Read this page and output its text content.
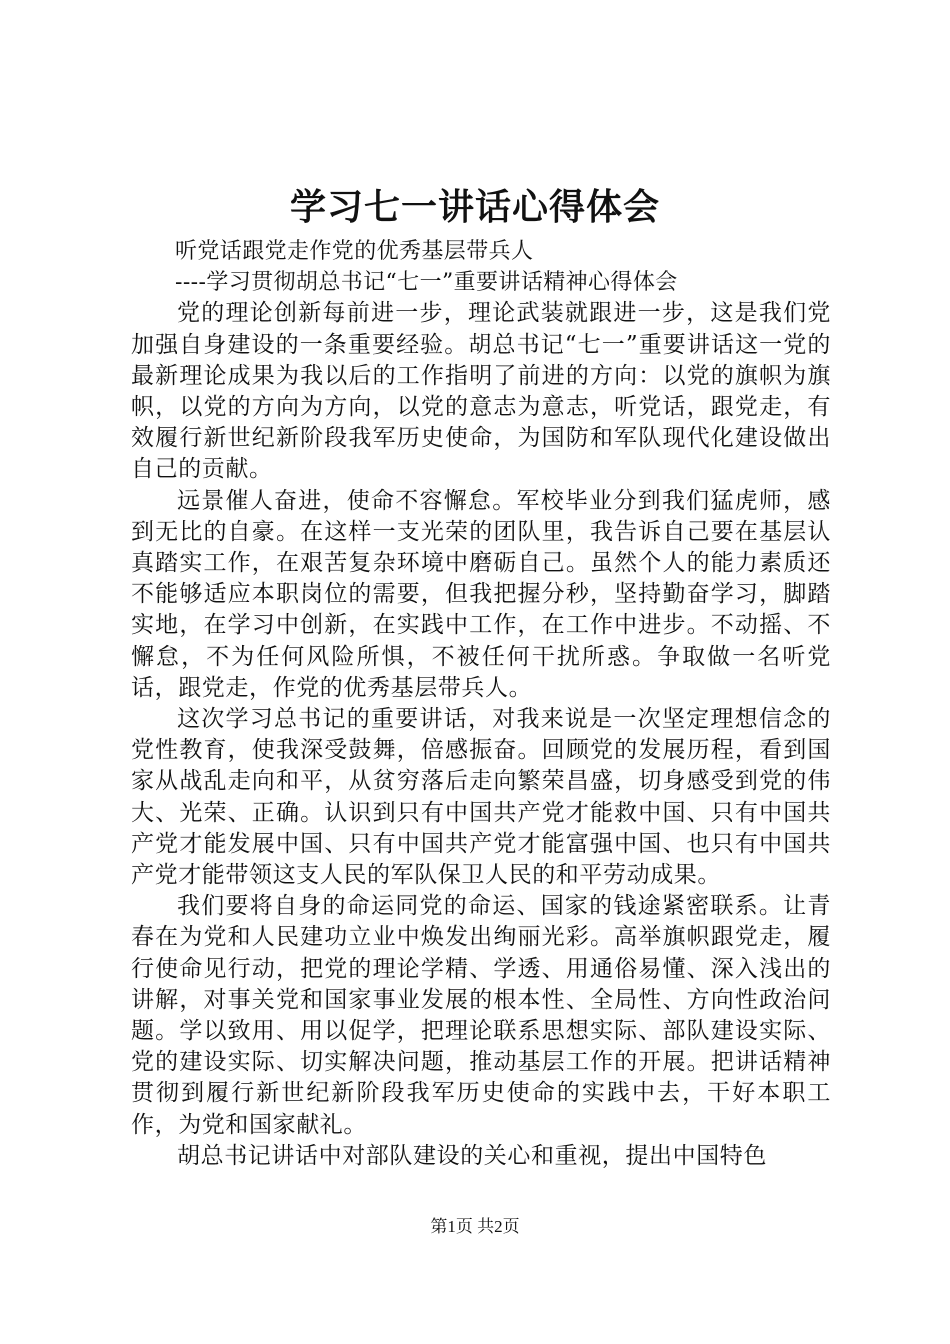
学习七一讲话心得体会

听党话跟党走作党的优秀基层带兵人

----学习贯彻胡总书记“七一”重要讲话精神心得体会

党的理论创新每前进一步，理论武装就跟进一步，这是我们党加强自身建设的一条重要经验。胡总书记“七一”重要讲话这一党的最新理论成果为我以后的工作指明了前进的方向：以党的旗帜为旗帜，以党的方向为方向，以党的意志为意志，听党话，跟党走，有效履行新世纪新阶段我军历史使命，为国防和军队现代化建设做出自己的贡献。

远景催人奋进，使命不容懈怠。军校毕业分到我们猛虎师，感到无比的自豪。在这样一支光荣的团队里，我告诉自己要在基层认真踏实工作，在艰苦复杂环境中磨砺自己。虽然个人的能力素质还不能够适应本职岗位的需要，但我把握分秒，坚持勤奋学习，脚踏实地，在学习中创新，在实践中工作，在工作中进步。不动摇、不懈怠，不为任何风险所惧，不被任何干扰所惑。争取做一名听党话，跟党走，作党的优秀基层带兵人。

这次学习总书记的重要讲话，对我来说是一次坚定理想信念的党性教育，使我深受鼓舞，倍感振奋。回顾党的发展历程，看到国家从战乱走向和平，从贫穷落后走向繁荣昌盛，切身感受到党的伟大、光荣、正确。认识到只有中国共产党才能救中国、只有中国共产党才能发展中国、只有中国共产党才能富强中国、也只有中国共产党才能带领这支人民的军队保卫人民的和平劳动成果。

我们要将自身的命运同党的命运、国家的钱途紧密联系。让青春在为党和人民建功立业中焕发出绚丽光彩。高举旗帜跟党走，履行使命见行动，把党的理论学精、学透、用通俗易懂、深入浅出的讲解，对事关党和国家事业发展的根本性、全局性、方向性政治问题。学以致用、用以促学，把理论联系思想实际、部队建设实际、党的建设实际、切实解决问题，推动基层工作的开展。把讲话精神贯彻到履行新世纪新阶段我军历史使命的实践中去，干好本职工作，为党和国家献礼。

胡总书记讲话中对部队建设的关心和重视，提出中国特色

第1页 共2页
